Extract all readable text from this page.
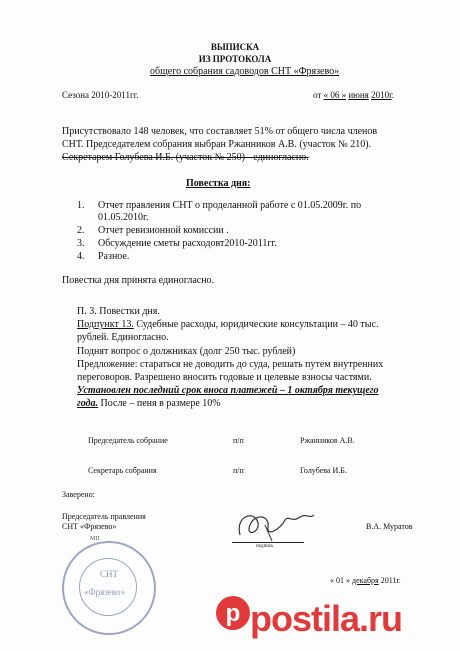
ВЫПИСКА
ИЗ ПРОТОКОЛА
общего собрания садоводов СНТ «Фрязево»
Сезона 2010-2011гг.	от « 06 » июня 2010г.
Присутствовало 148 человек, что составляет 51% от общего числа членов
СНТ. Председателем собрания выбран Ржанников А.В. (участок № 210).
Секретарем Голубева И.Б. (участок № 250) - единогласно.
Повестка дня:
1. Отчет правления СНТ о проделанной работе с 01.05.2009г. по
01.05.2010г.
2. Отчет ревизионной комиссии .
3. Обсуждение сметы расходовт2010-2011гг.
4. Разное.
Повестка дня принята единогласно.
П. 3. Повестки дня.
Подпункт 13. Судебные расходы, юридические консультации – 40 тыс.
рублей. Единогласно.
Поднят вопрос о должниках (долг 250 тыс. рублей)
Предложение: стараться не доводить до суда, решать путем внутренних
переговоров. Разрешено вносить годовые и целевые взносы частями.
Установлен последний срок вноса платежей – 1 октября текущего
года. После – пеня в размере 10%
Председатель собрание	п/п	Ржанников А.В.
Секретарь собрания	п/п	Голубева И.Б.
Заверено:
Председатель правления
СНТ «Фрязево»
подпись
В.А. Муратов
МП.
СНТ
«Фрязево»
« 01 » декабря 2011г.
p postila.ru
